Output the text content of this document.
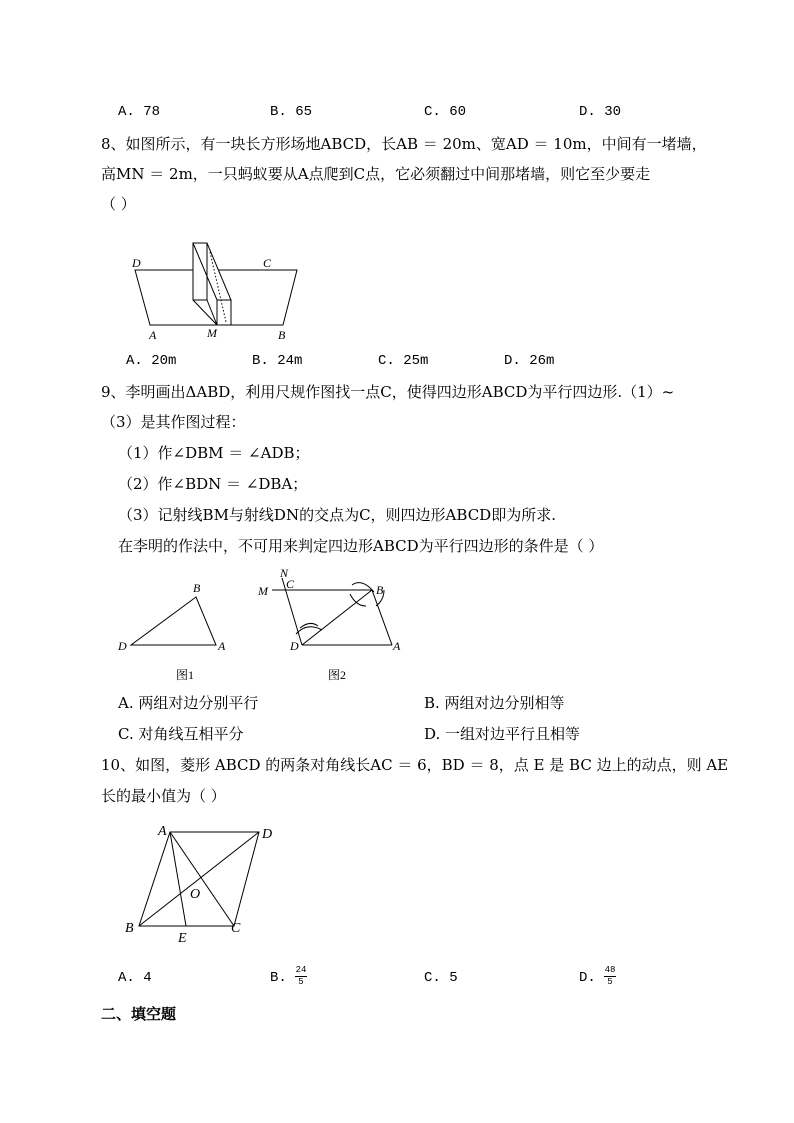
A. 78	B. 65	C. 60	D. 30
8、如图所示，有一块长方形场地ABCD，长AB ＝ 20m、宽AD ＝ 10m，中间有一堵墙，
高MN ＝ 2m，一只蚂蚁要从A点爬到C点，它必须翻过中间那堵墙，则它至少要走
（ ）
D	C
A	M	B
A. 20m	B. 24m	C. 25m	D. 26m
9、李明画出ΔABD，利用尺规作图找一点C，使得四边形ABCD为平行四边形.（1）~
（3）是其作图过程：
（1）作∠DBM ＝ ∠ADB；
（2）作∠BDN ＝ ∠DBA；
（3）记射线BM与射线DN的交点为C，则四边形ABCD即为所求.
在李明的作法中，不可用来判定四边形ABCD为平行四边形的条件是（ ）
B
D	A
图1
N
C
M	B
D	A
图2
A. 两组对边分别平行	B. 两组对边分别相等
C. 对角线互相平分	D. 一组对边平行且相等
10、如图，菱形 ABCD 的两条对角线长AC ＝ 6，BD ＝ 8，点 E 是 BC 边上的动点，则 AE
长的最小值为（ ）
A	D
O
B
E
C
A. 4	B. 24
5	C. 5	D. 48
5
二、填空题
